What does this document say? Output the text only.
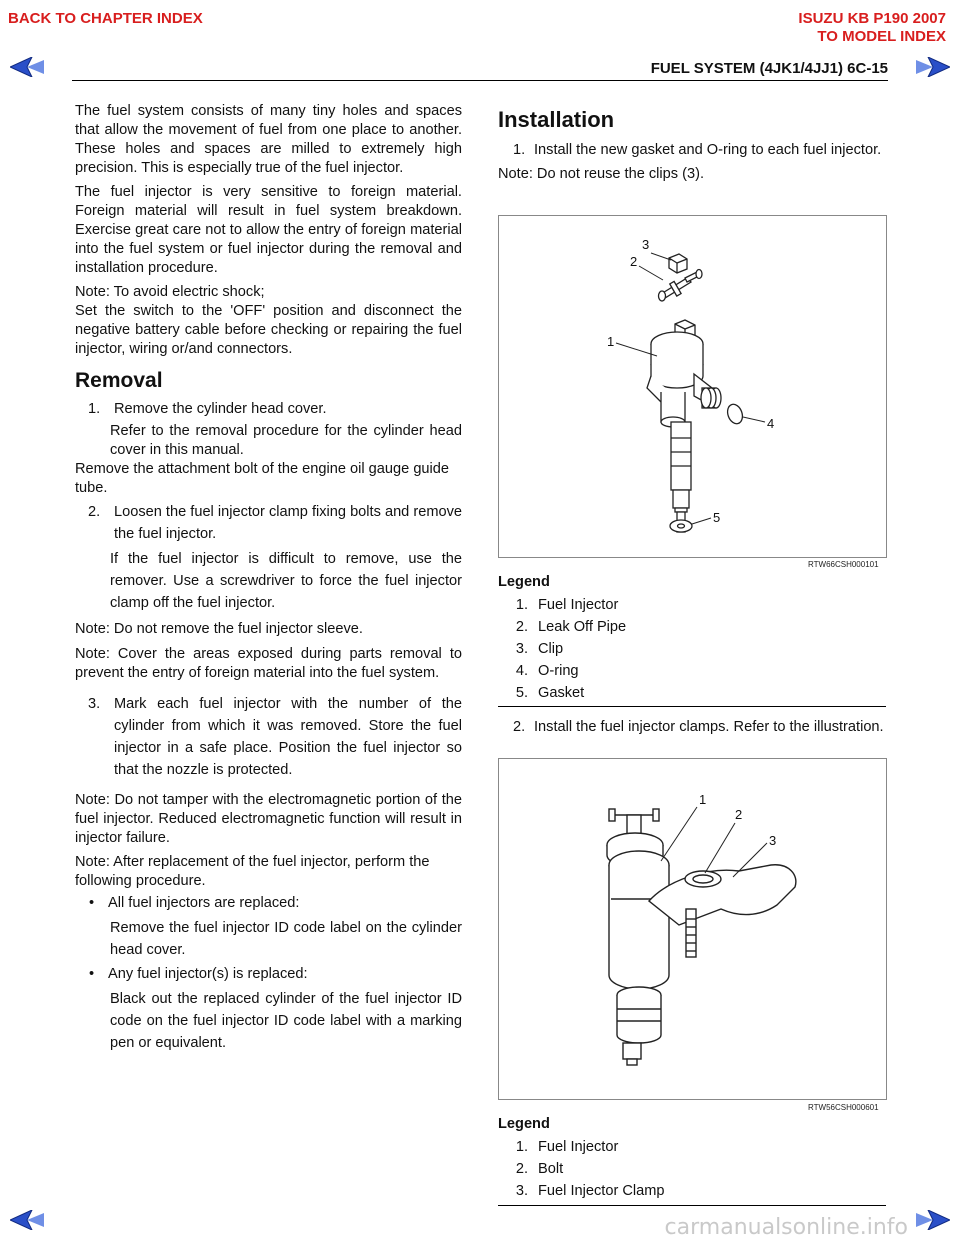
BACK TO CHAPTER INDEX	ISUZU KB P190 2007
TO MODEL INDEX
FUEL SYSTEM (4JK1/4JJ1) 6C-15

The fuel system consists of many tiny holes and spaces that allow the movement of fuel from one place to another. These holes and spaces are milled to extremely high precision. This is especially true of the fuel injector.

The fuel injector is very sensitive to foreign material. Foreign material will result in fuel system breakdown. Exercise great care not to allow the entry of foreign material into the fuel system or fuel injector during the removal and installation procedure.

Note: To avoid electric shock;

Set the switch to the 'OFF' position and disconnect the negative battery cable before checking or repairing the fuel injector, wiring or/and connectors.

Removal
1. Remove the cylinder head cover.
Refer to the removal procedure for the cylinder head cover in this manual.
Remove the attachment bolt of the engine oil gauge guide tube.
2. Loosen the fuel injector clamp fixing bolts and remove the fuel injector.
If the fuel injector is difficult to remove, use the remover. Use a screwdriver to force the fuel injector clamp off the fuel injector.

Note: Do not remove the fuel injector sleeve.

Note: Cover the areas exposed during parts removal to prevent the entry of foreign material into the fuel system.

3. Mark each fuel injector with the number of the cylinder from which it was removed. Store the fuel injector in a safe place. Position the fuel injector so that the nozzle is protected.

Note: Do not tamper with the electromagnetic portion of the fuel injector. Reduced electromagnetic function will result in injector failure.

Note: After replacement of the fuel injector, perform the following procedure.
• All fuel injectors are replaced:
Remove the fuel injector ID code label on the cylinder head cover.
• Any fuel injector(s) is replaced:
Black out the replaced cylinder of the fuel injector ID code on the fuel injector ID code label with a marking pen or equivalent.
Installation
1. Install the new gasket and O-ring to each fuel injector.
Note: Do not reuse the clips (3).
3
2
1
4
5
RTW66CSH000101
Legend
1. Fuel Injector
2. Leak Off Pipe
3. Clip
4. O-ring
5. Gasket
2. Install the fuel injector clamps. Refer to the illustration.
1
2
3
RTW56CSH000601
Legend
1. Fuel Injector
2. Bolt
3. Fuel Injector Clamp
carmanualsonline.info
